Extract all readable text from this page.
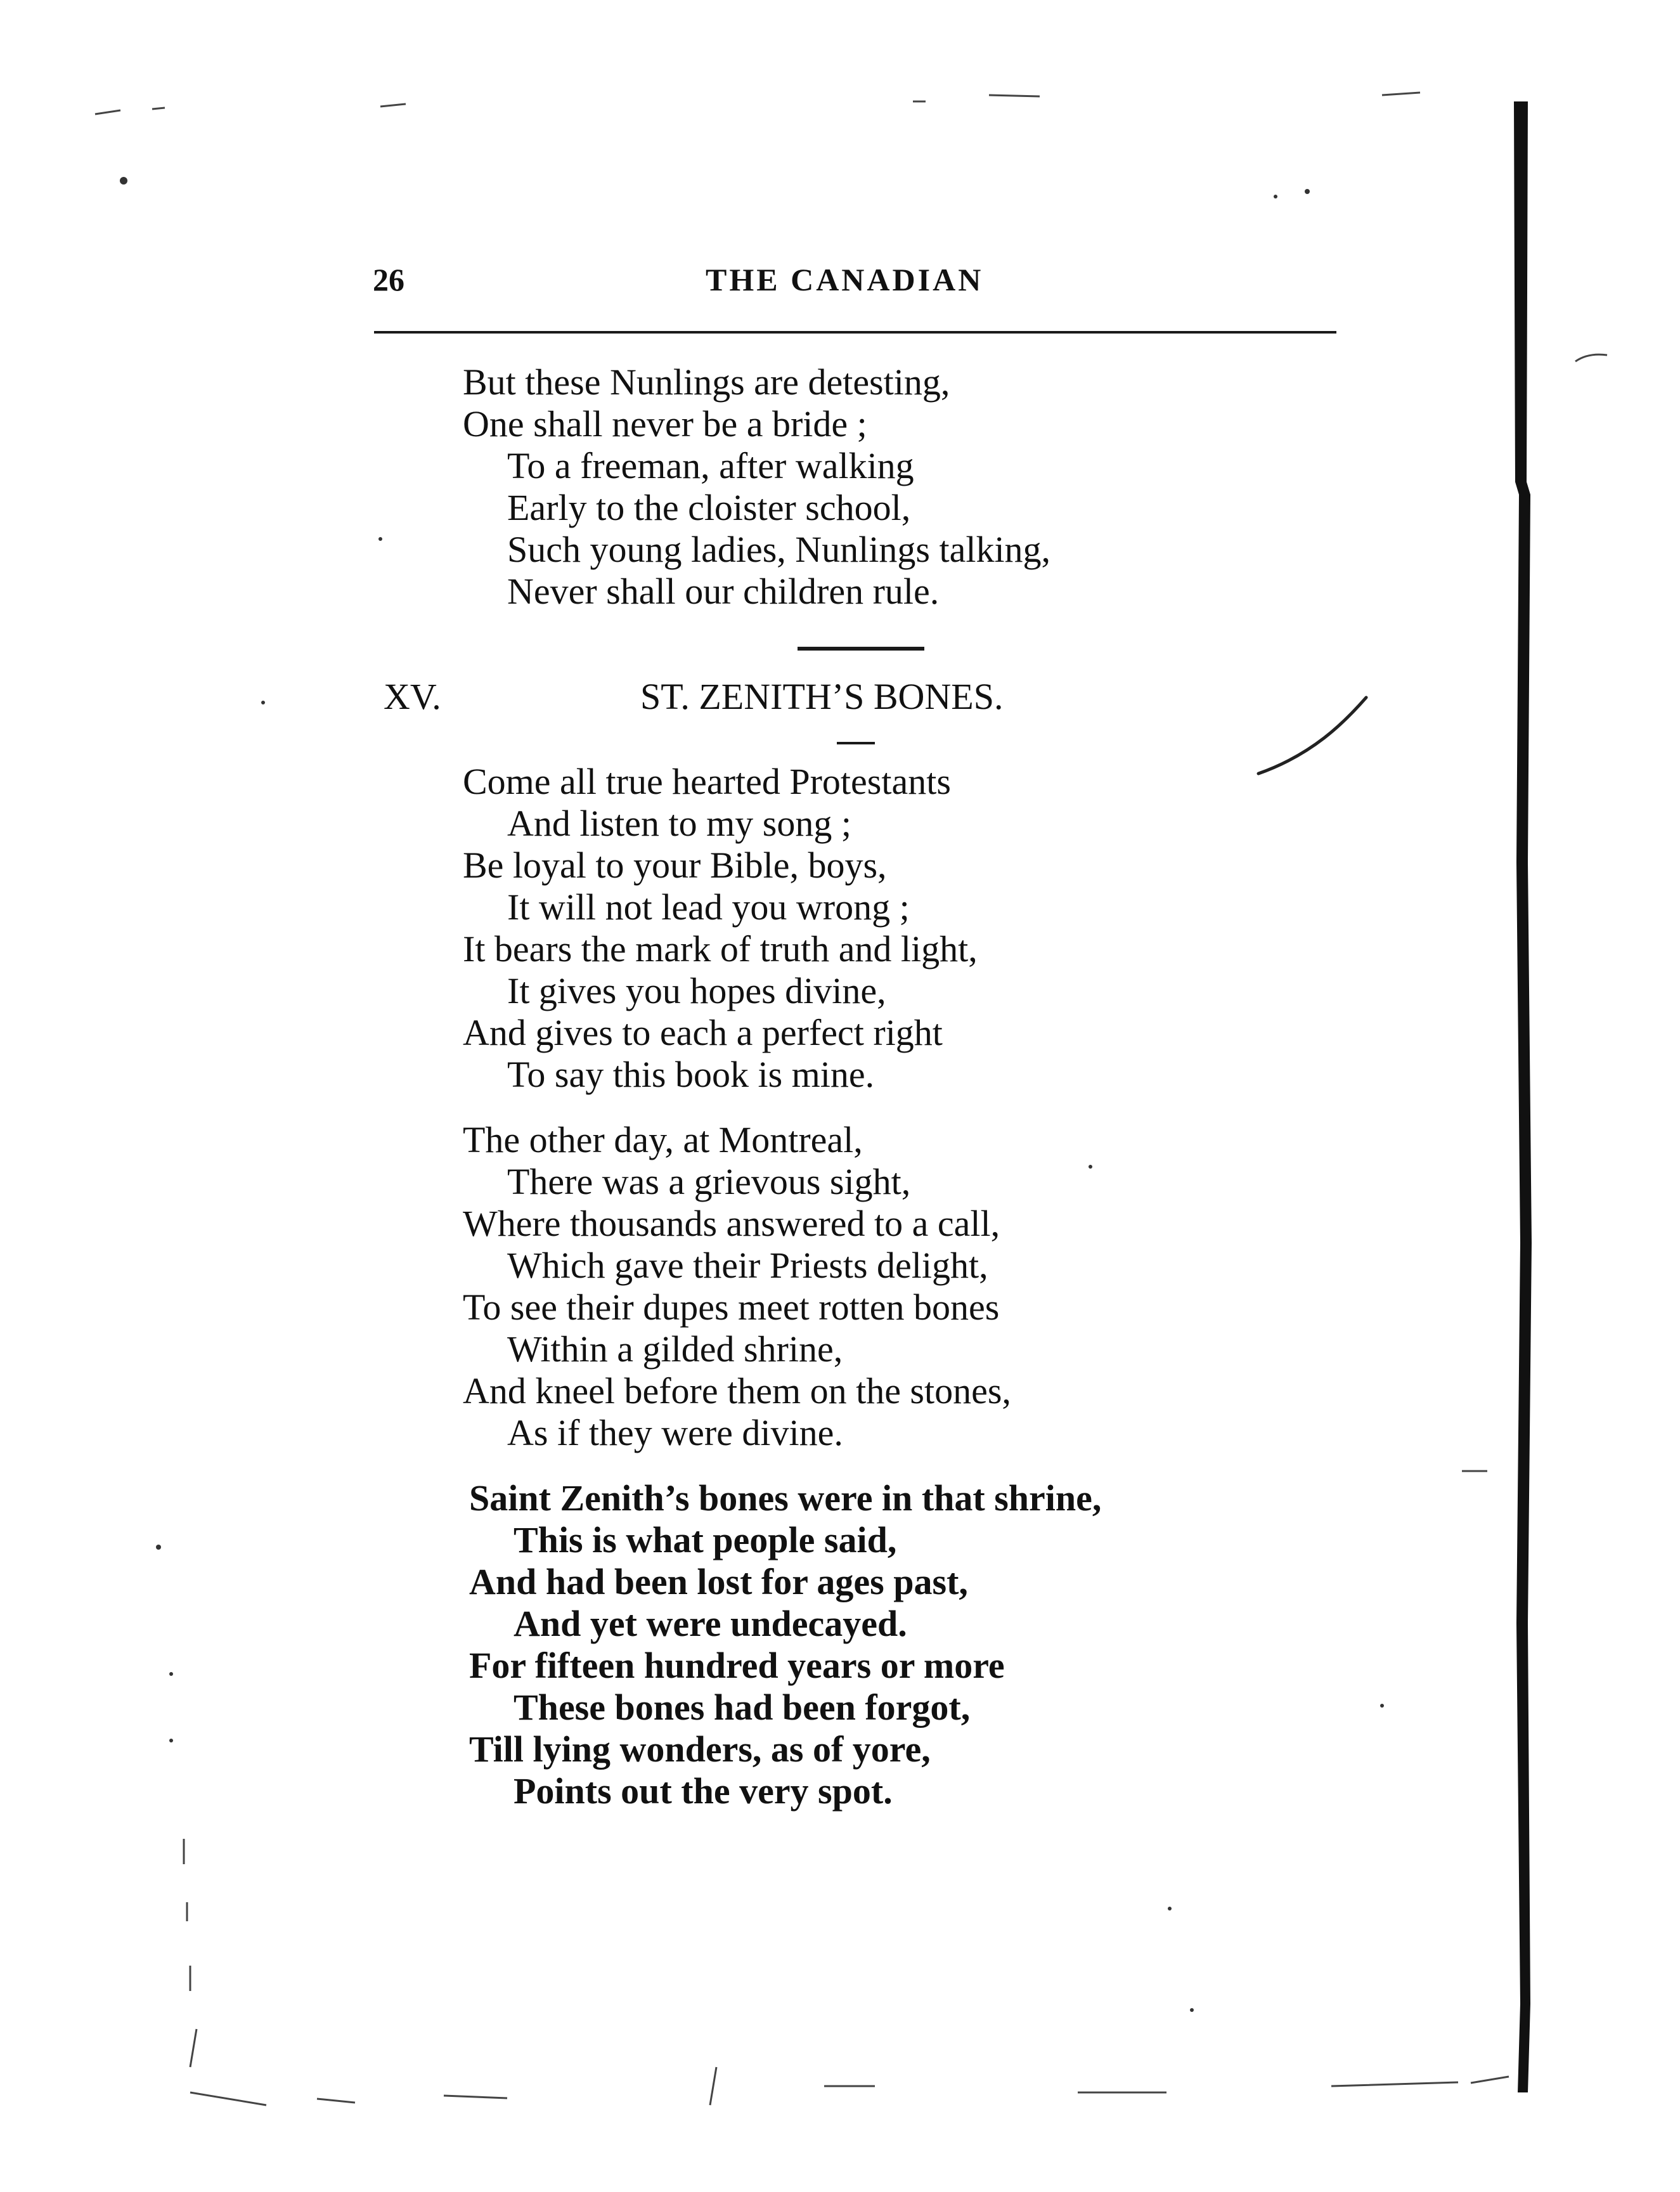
26	THE CANADIAN
But these Nunlings are detesting,
One shall never be a bride ;
To a freeman, after walking
Early to the cloister school,
Such young ladies, Nunlings talking,
Never shall our children rule.
XV.	ST. ZENITH’S BONES.
Come all true hearted Protestants
And listen to my song ;
Be loyal to your Bible, boys,
It will not lead you wrong ;
It bears the mark of truth and light,
It gives you hopes divine,
And gives to each a perfect right
To say this book is mine.
The other day, at Montreal,
There was a grievous sight,
Where thousands answered to a call,
Which gave their Priests delight,
To see their dupes meet rotten bones
Within a gilded shrine,
And kneel before them on the stones,
As if they were divine.
Saint Zenith’s bones were in that shrine,
This is what people said,
And had been lost for ages past,
And yet were undecayed.
For fifteen hundred years or more
These bones had been forgot,
Till lying wonders, as of yore,
Points out the very spot.
